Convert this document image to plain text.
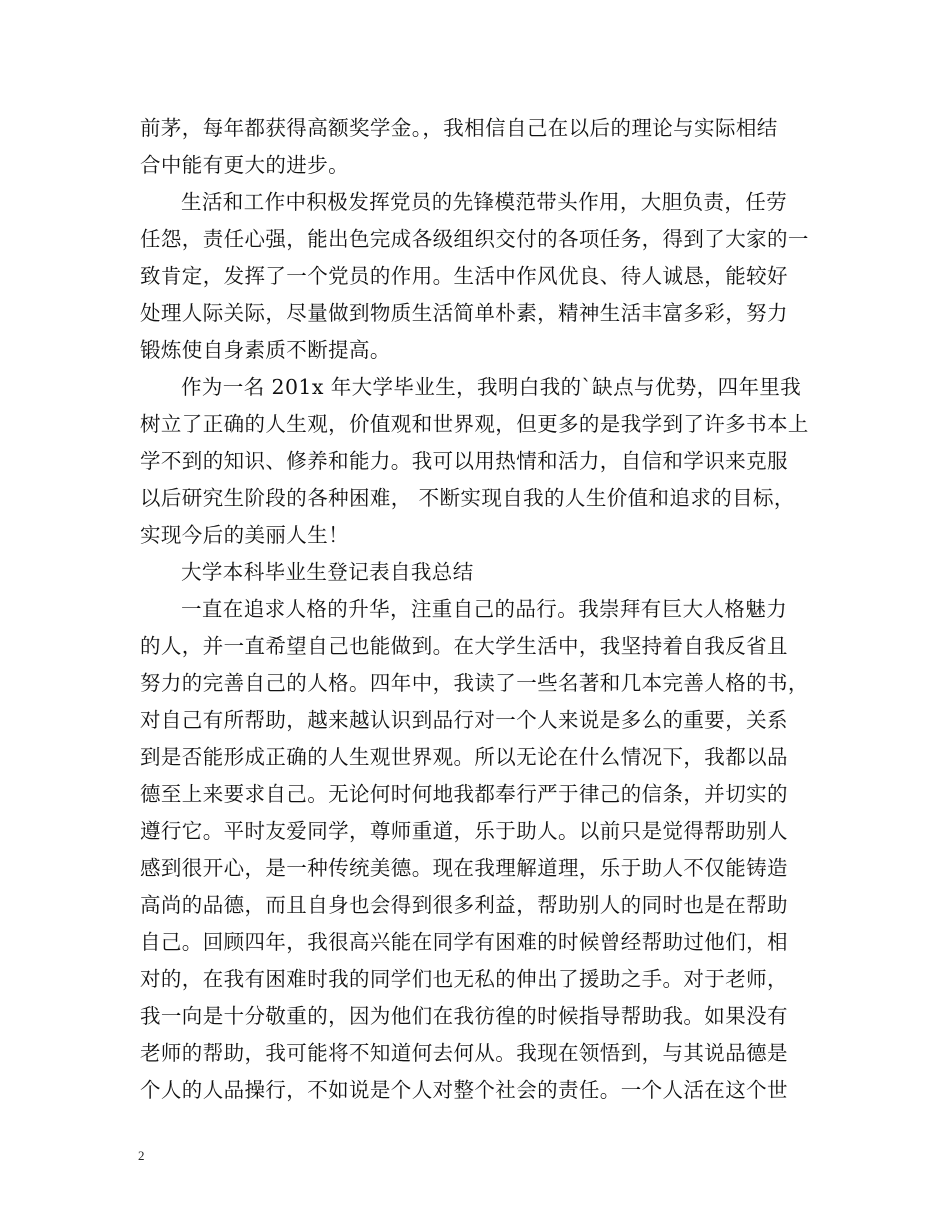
前茅，每年都获得高额奖学金。，我相信自己在以后的理论与实际相结
合中能有更大的进步。
生活和工作中积极发挥党员的先锋模范带头作用，大胆负责，任劳
任怨，责任心强，能出色完成各级组织交付的各项任务，得到了大家的一
致肯定，发挥了一个党员的作用。生活中作风优良、待人诚恳，能较好
处理人际关际，尽量做到物质生活简单朴素，精神生活丰富多彩，努力
锻炼使自身素质不断提高。
作为一名 201x 年大学毕业生，我明白我的`缺点与优势，四年里我
树立了正确的人生观，价值观和世界观，但更多的是我学到了许多书本上
学不到的知识、修养和能力。我可以用热情和活力，自信和学识来克服
以后研究生阶段的各种困难， 不断实现自我的人生价值和追求的目标，
实现今后的美丽人生！
大学本科毕业生登记表自我总结
一直在追求人格的升华，注重自己的品行。我崇拜有巨大人格魅力
的人，并一直希望自己也能做到。在大学生活中，我坚持着自我反省且
努力的完善自己的人格。四年中，我读了一些名著和几本完善人格的书，
对自己有所帮助，越来越认识到品行对一个人来说是多么的重要，关系
到是否能形成正确的人生观世界观。所以无论在什么情况下，我都以品
德至上来要求自己。无论何时何地我都奉行严于律己的信条，并切实的
遵行它。平时友爱同学，尊师重道，乐于助人。以前只是觉得帮助别人
感到很开心，是一种传统美德。现在我理解道理，乐于助人不仅能铸造
高尚的品德，而且自身也会得到很多利益，帮助别人的同时也是在帮助
自己。回顾四年，我很高兴能在同学有困难的时候曾经帮助过他们，相
对的，在我有困难时我的同学们也无私的伸出了援助之手。对于老师，
我一向是十分敬重的，因为他们在我彷徨的时候指导帮助我。如果没有
老师的帮助，我可能将不知道何去何从。我现在领悟到，与其说品德是
个人的人品操行，不如说是个人对整个社会的责任。一个人活在这个世
2
